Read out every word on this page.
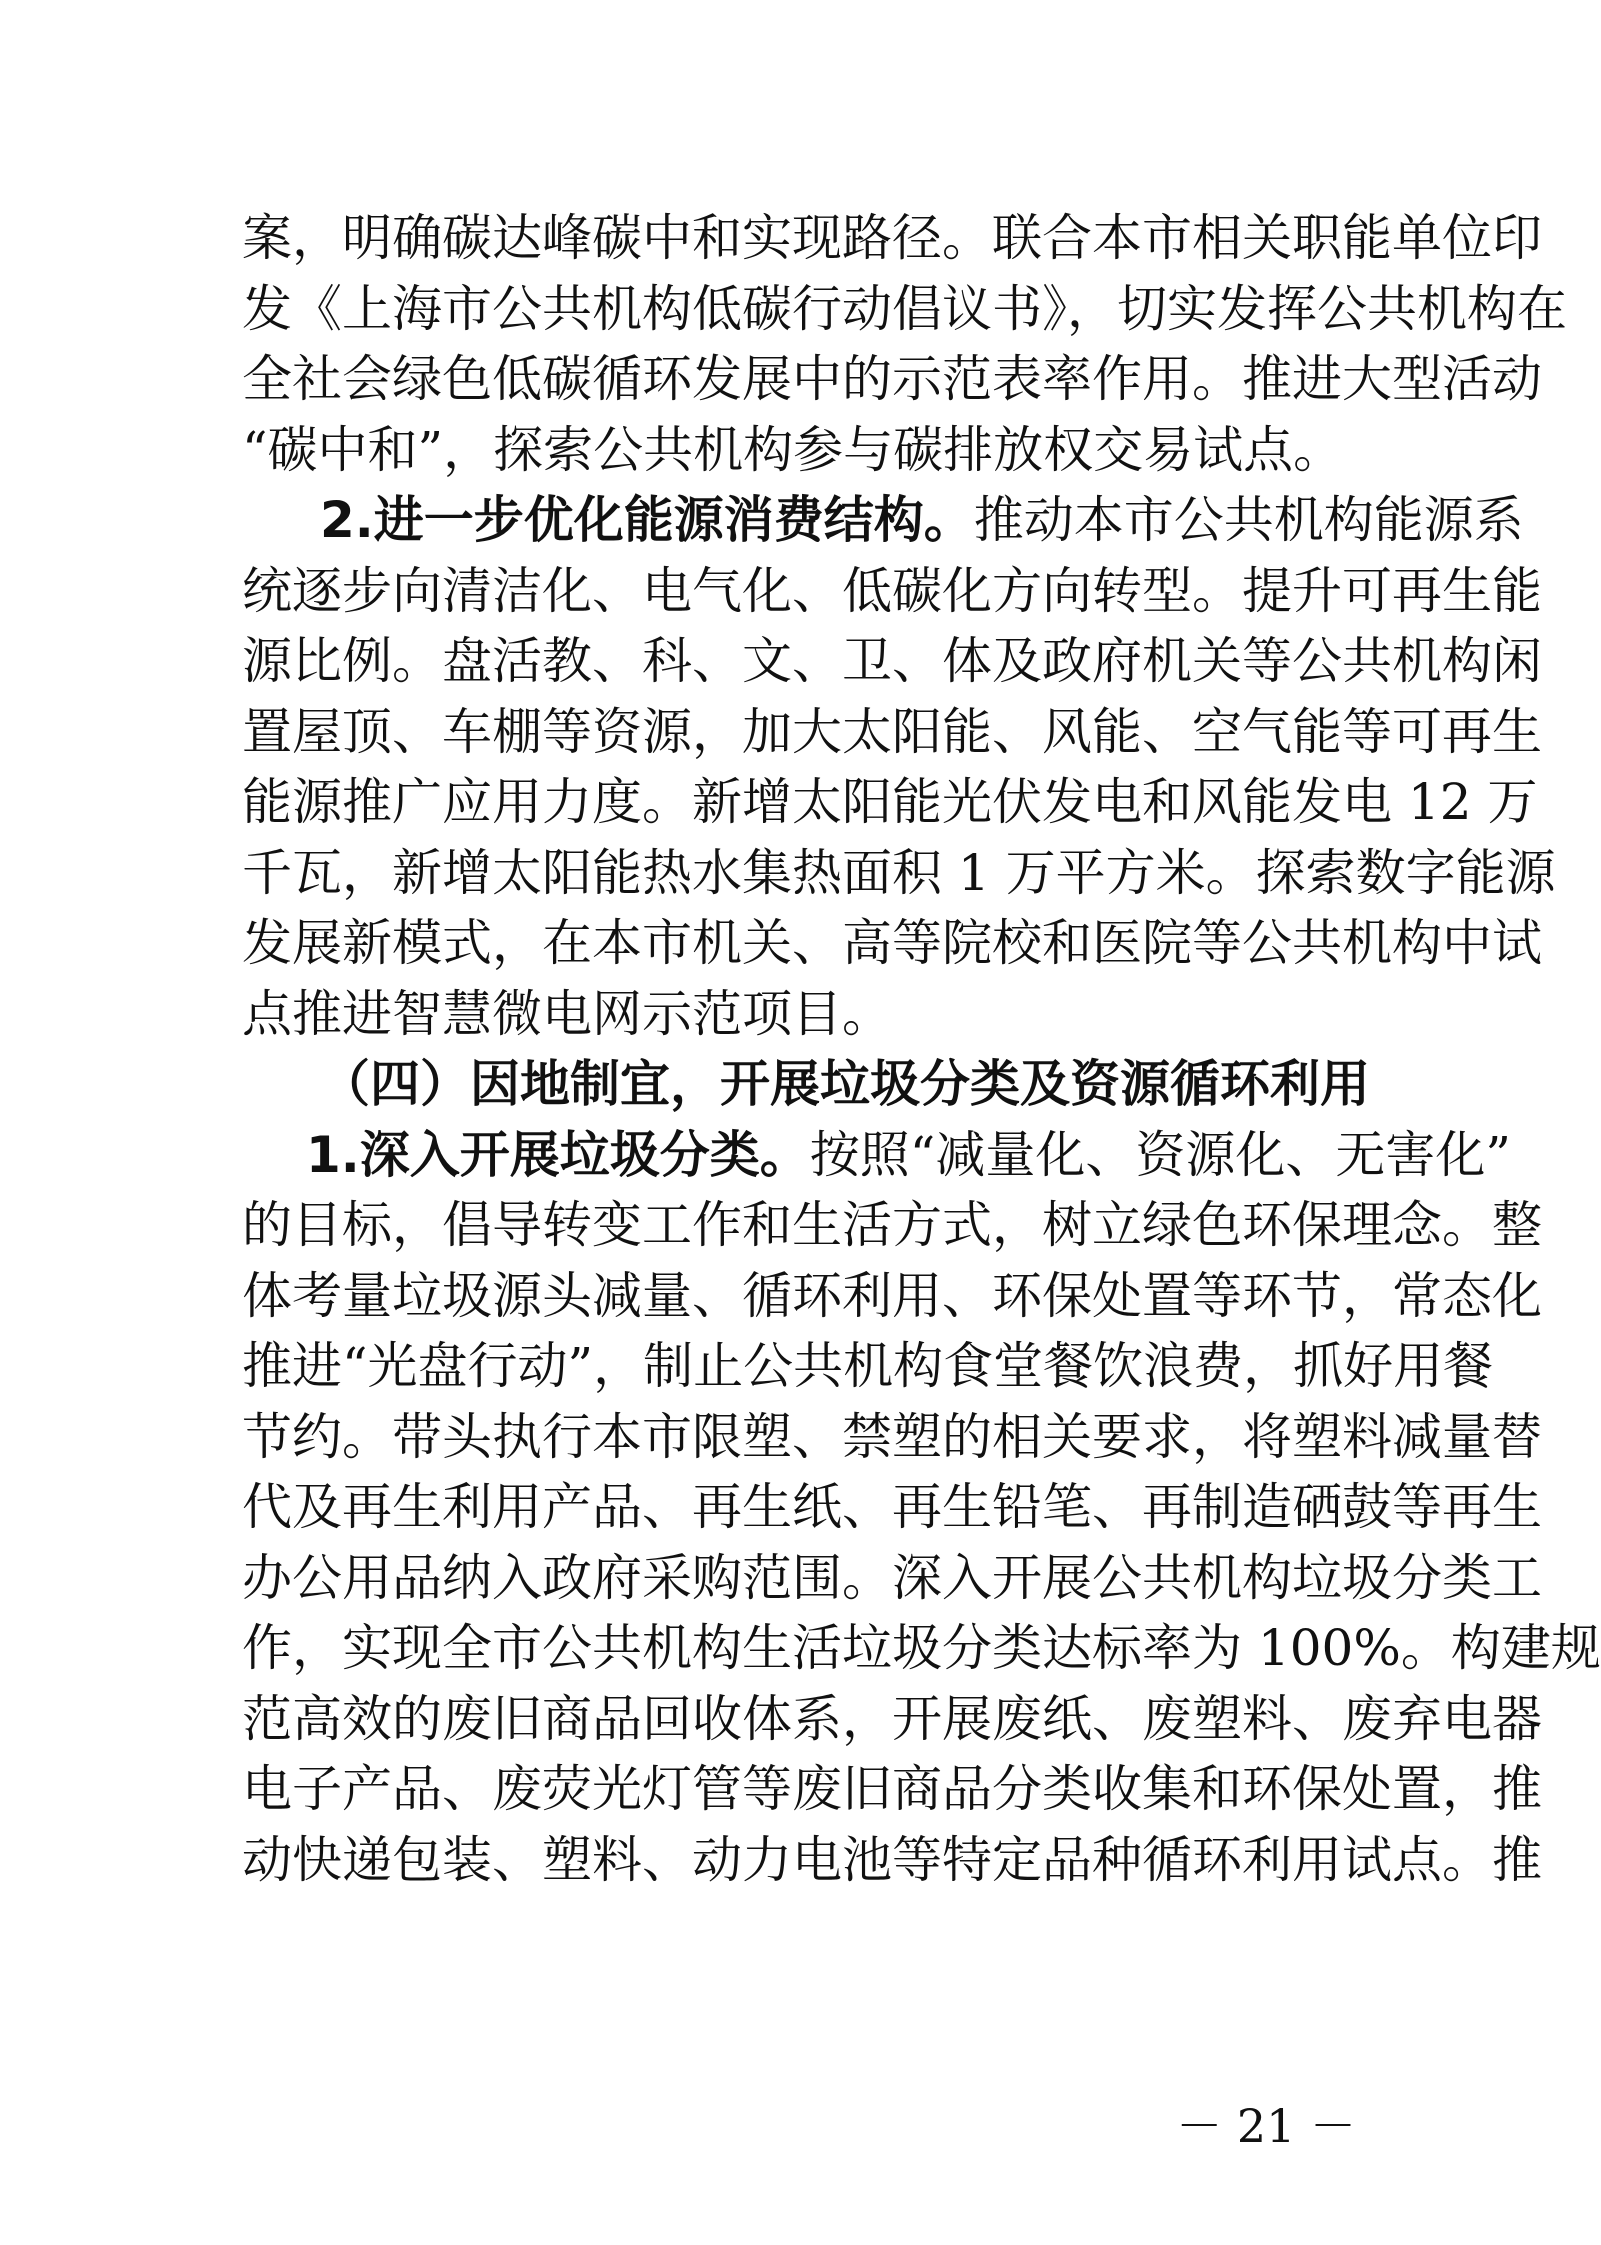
案，明确碳达峰碳中和实现路径。联合本市相关职能单位印
发《上海市公共机构低碳行动倡议书》，切实发挥公共机构在
全社会绿色低碳循环发展中的示范表率作用。推进大型活动
“碳中和”，探索公共机构参与碳排放权交易试点。
2.进一步优化能源消费结构。推动本市公共机构能源系
统逐步向清洁化、电气化、低碳化方向转型。提升可再生能
源比例。盘活教、科、文、卫、体及政府机关等公共机构闲
置屋顶、车棚等资源，加大太阳能、风能、空气能等可再生
能源推广应用力度。新增太阳能光伏发电和风能发电 12 万
千瓦，新增太阳能热水集热面积 1 万平方米。探索数字能源
发展新模式，在本市机关、高等院校和医院等公共机构中试
点推进智慧微电网示范项目。
（四）因地制宜，开展垃圾分类及资源循环利用
1.深入开展垃圾分类。按照“减量化、资源化、无害化”
的目标，倡导转变工作和生活方式，树立绿色环保理念。整
体考量垃圾源头减量、循环利用、环保处置等环节，常态化
推进“光盘行动”，制止公共机构食堂餐饮浪费，抓好用餐
节约。带头执行本市限塑、禁塑的相关要求，将塑料减量替
代及再生利用产品、再生纸、再生铅笔、再制造硒鼓等再生
办公用品纳入政府采购范围。深入开展公共机构垃圾分类工
作，实现全市公共机构生活垃圾分类达标率为 100%。构建规
范高效的废旧商品回收体系，开展废纸、废塑料、废弃电器
电子产品、废荧光灯管等废旧商品分类收集和环保处置，推
动快递包装、塑料、动力电池等特定品种循环利用试点。推
－ 21 －
